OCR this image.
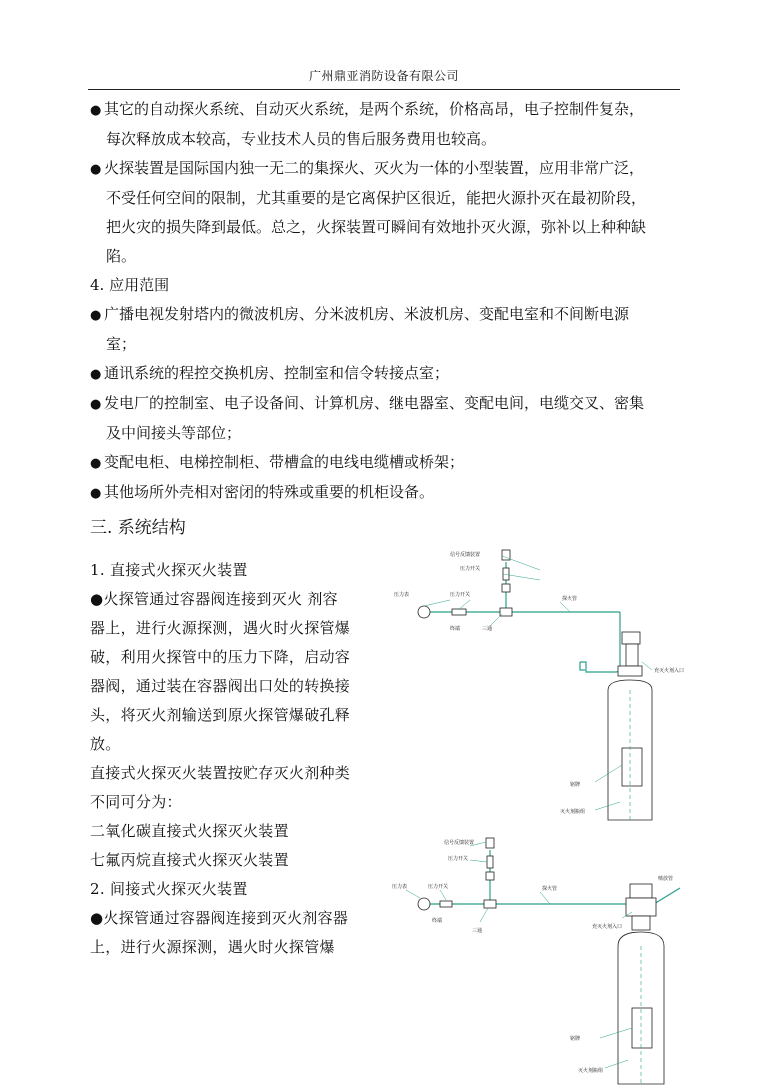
广州鼎亚消防设备有限公司
● 其它的自动探火系统、自动灭火系统，是两个系统，价格高昂，电子控制件复杂，
每次释放成本较高，专业技术人员的售后服务费用也较高。
● 火探装置是国际国内独一无二的集探火、灭火为一体的小型装置，应用非常广泛，
不受任何空间的限制，尤其重要的是它离保护区很近，能把火源扑灭在最初阶段，
把火灾的损失降到最低。总之，火探装置可瞬间有效地扑灭火源，弥补以上种种缺
陷。
4. 应用范围
● 广播电视发射塔内的微波机房、分米波机房、米波机房、变配电室和不间断电源
室；
● 通讯系统的程控交换机房、控制室和信令转接点室；
● 发电厂的控制室、电子设备间、计算机房、继电器室、变配电间，电缆交叉、密集
及中间接头等部位；
● 变配电柜、电梯控制柜、带槽盒的电线电缆槽或桥架；
● 其他场所外壳相对密闭的特殊或重要的机柜设备。
三. 系统结构
1. 直接式火探灭火装置
●火探管通过容器阀连接到灭火 剂容
器上，进行火源探测，遇火时火探管爆
破，利用火探管中的压力下降，启动容
器阀，通过装在容器阀出口处的转换接
头，将灭火剂输送到原火探管爆破孔释
放。
直接式火探灭火装置按贮存灭火剂种类
不同可分为：
二氧化碳直接式火探灭火装置
七氟丙烷直接式火探灭火装置
2. 间接式火探灭火装置
●火探管通过容器阀连接到灭火剂容器
上，进行火源探测，遇火时火探管爆
信号反馈装置
压力开关
压力表	压力开关
终端	三通
探火管
充灭火剂入口
铭牌
灭火剂瓶组
信号反馈装置
压力开关
压力表	压力开关
终端
三通
探火管
充灭火剂入口
喷放管
铭牌
灭火剂瓶组
